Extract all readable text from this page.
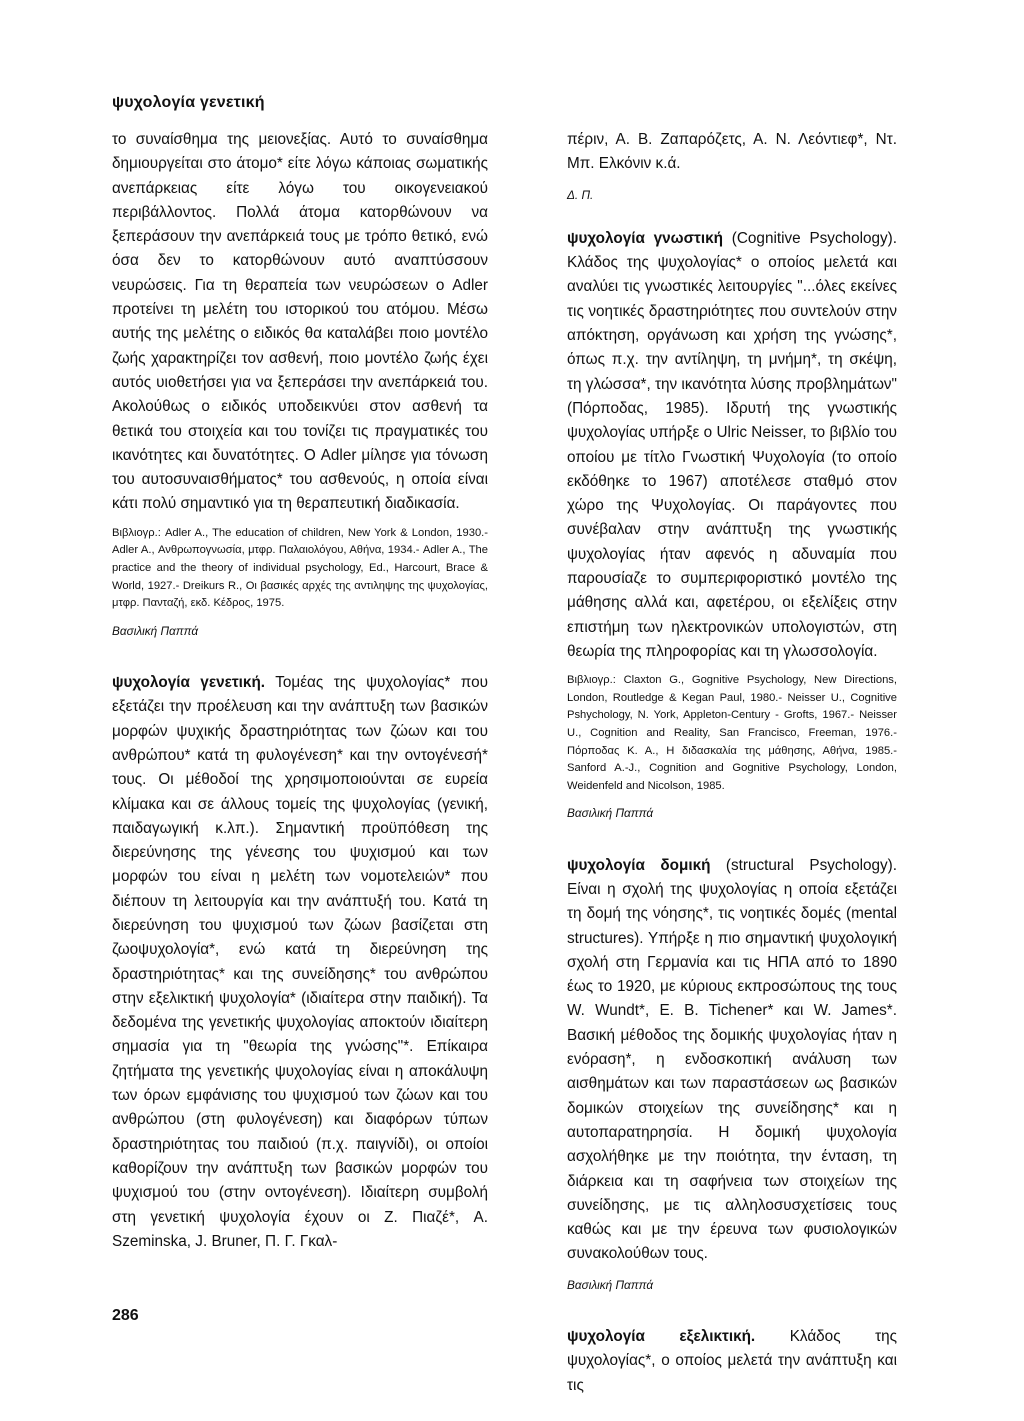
ψυχολογία γενετική

το συναίσθημα της μειονεξίας. Αυτό το συναίσθημα δημιουργείται στο άτομο* είτε λόγω κάποιας σωματικής ανεπάρκειας είτε λόγω του οικογενειακού περιβάλλοντος. Πολλά άτομα κατορθώνουν να ξεπεράσουν την ανεπάρκειά τους με τρόπο θετικό, ενώ όσα δεν το κατορθώνουν αυτό αναπτύσσουν νευρώσεις. Για τη θεραπεία των νευρώσεων ο Adler προτείνει τη μελέτη του ιστορικού του ατόμου. Μέσω αυτής της μελέτης ο ειδικός θα καταλάβει ποιο μοντέλο ζωής χαρακτηρίζει τον ασθενή, ποιο μοντέλο ζωής έχει αυτός υιοθετήσει για να ξεπεράσει την ανεπάρκειά του. Ακολούθως ο ειδικός υποδεικνύει στον ασθενή τα θετικά του στοιχεία και του τονίζει τις πραγματικές του ικανότητες και δυνατότητες. Ο Adler μίλησε για τόνωση του αυτοσυναισθήματος* του ασθενούς, η οποία είναι κάτι πολύ σημαντικό για τη θεραπευτική διαδικασία.

Βιβλιογρ.: Adler A., The education of children, New York & London, 1930.- Adler A., Ανθρωπογνωσία, μτφρ. Παλαιολόγου, Αθήνα, 1934.- Adler A., The practice and the theory of individual psychology, Ed., Harcourt, Brace & World, 1927.- Dreikurs R., Οι βασικές αρχές της αντιληψης της ψυχολογίας, μτφρ. Πανταζή, εκδ. Κέδρος, 1975.

Βασιλική Παππά

ψυχολογία γενετική. Τομέας της ψυχολογίας* που εξετάζει την προέλευση και την ανάπτυξη των βασικών μορφών ψυχικής δραστηριότητας των ζώων και του ανθρώπου* κατά τη φυλογένεση* και την οντογένεσή* τους. Οι μέθοδοί της χρησιμοποιούνται σε ευρεία κλίμακα και σε άλλους τομείς της ψυχολογίας (γενική, παιδαγωγική κ.λπ.). Σημαντική προϋπόθεση της διερεύνησης της γένεσης του ψυχισμού και των μορφών του είναι η μελέτη των νομοτελειών* που διέπουν τη λειτουργία και την ανάπτυξή του. Κατά τη διερεύνηση του ψυχισμού των ζώων βασίζεται στη ζωοψυχολογία*, ενώ κατά τη διερεύνηση της δραστηριότητας* και της συνείδησης* του ανθρώπου στην εξελικτική ψυχολογία* (ιδιαίτερα στην παιδική). Τα δεδομένα της γενετικής ψυχολογίας αποκτούν ιδιαίτερη σημασία για τη "θεωρία της γνώσης"*. Επίκαιρα ζητήματα της γενετικής ψυχολογίας είναι η αποκάλυψη των όρων εμφάνισης του ψυχισμού των ζώων και του ανθρώπου (στη φυλογένεση) και διαφόρων τύπων δραστηριότητας του παιδιού (π.χ. παιγνίδι), οι οποίοι καθορίζουν την ανάπτυξη των βασικών μορφών του ψυχισμού του (στην οντογένεση). Ιδιαίτερη συμβολή στη γενετική ψυχολογία έχουν οι Ζ. Πιαζέ*, A. Szeminska, J. Bruner, Π. Γ. Γκαλ-

πέριν, Α. Β. Ζαπαρόζετς, Α. Ν. Λεόντιεφ*, Ντ. Μπ. Ελκόνιν κ.ά.

Δ. Π.

ψυχολογία γνωστική (Cognitive Psychology). Κλάδος της ψυχολογίας* ο οποίος μελετά και αναλύει τις γνωστικές λειτουργίες "...όλες εκείνες τις νοητικές δραστηριότητες που συντελούν στην απόκτηση, οργάνωση και χρήση της γνώσης*, όπως π.χ. την αντίληψη, τη μνήμη*, τη σκέψη, τη γλώσσα*, την ικανότητα λύσης προβλημάτων" (Πόρποδας, 1985). Ιδρυτή της γνωστικής ψυχολογίας υπήρξε ο Ulric Neisser, το βιβλίο του οποίου με τίτλο Γνωστική Ψυχολογία (το οποίο εκδόθηκε το 1967) αποτέλεσε σταθμό στον χώρο της Ψυχολογίας. Οι παράγοντες που συνέβαλαν στην ανάπτυξη της γνωστικής ψυχολογίας ήταν αφενός η αδυναμία που παρουσίαζε το συμπεριφοριστικό μοντέλο της μάθησης αλλά και, αφετέρου, οι εξελίξεις στην επιστήμη των ηλεκτρονικών υπολογιστών, στη θεωρία της πληροφορίας και τη γλωσσολογία.

Βιβλιογρ.: Claxton G., Gognitive Psychology, New Directions, London, Routledge & Kegan Paul, 1980.- Neisser U., Cognitive Pshychology, N. York, Appleton-Century - Grofts, 1967.- Neisser U., Cognition and Reality, San Francisco, Freeman, 1976.- Πόρποδας Κ. Α., Η διδασκαλία της μάθησης, Αθήνα, 1985.- Sanford A.-J., Cognition and Gognitive Psychology, London, Weidenfeld and Nicolson, 1985.

Βασιλική Παππά

ψυχολογία δομική (structural Psychology). Είναι η σχολή της ψυχολογίας η οποία εξετάζει τη δομή της νόησης*, τις νοητικές δομές (mental structures). Υπήρξε η πιο σημαντική ψυχολογική σχολή στη Γερμανία και τις ΗΠΑ από το 1890 έως το 1920, με κύριους εκπροσώπους της τους W. Wundt*, E. B. Tichener* και W. James*. Βασική μέθοδος της δομικής ψυχολογίας ήταν η ενόραση*, η ενδοσκοπική ανάλυση των αισθημάτων και των παραστάσεων ως βασικών δομικών στοιχείων της συνείδησης* και η αυτοπαρατηρησία. Η δομική ψυχολογία ασχολήθηκε με την ποιότητα, την ένταση, τη διάρκεια και τη σαφήνεια των στοιχείων της συνείδησης, με τις αλληλοσυσχετίσεις τους καθώς και με την έρευνα των φυσιολογικών συνακολούθων τους.

Βασιλική Παππά

ψυχολογία εξελικτική. Κλάδος της ψυχολογίας*, ο οποίος μελετά την ανάπτυξη και τις

286
